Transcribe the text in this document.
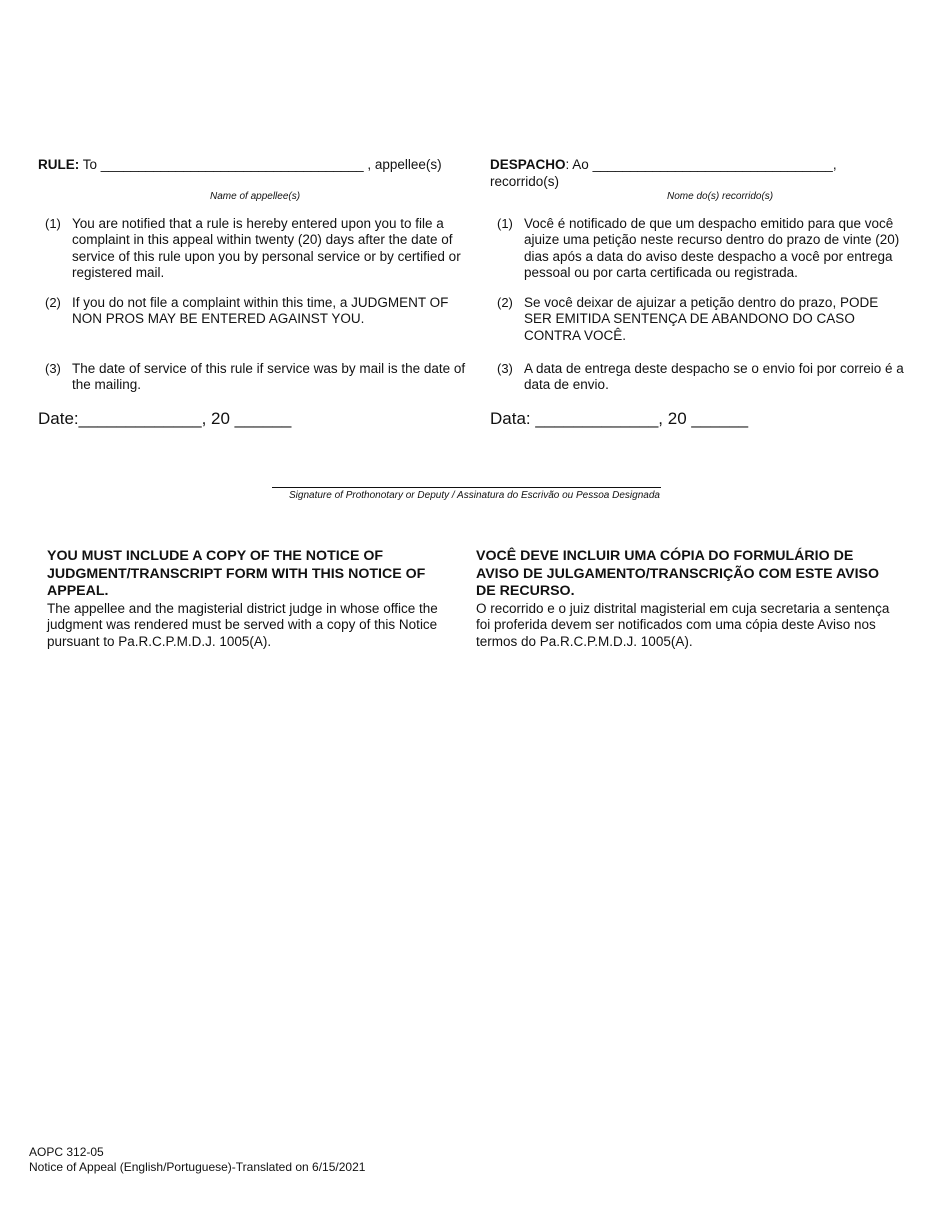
RULE: To ___________________________________ , appellee(s)
Name of appellee(s)
(1) You are notified that a rule is hereby entered upon you to file a complaint in this appeal within twenty (20) days after the date of service of this rule upon you by personal service or by certified or registered mail.
(2) If you do not file a complaint within this time, a JUDGMENT OF NON PROS MAY BE ENTERED AGAINST YOU.
(3) The date of service of this rule if service was by mail is the date of the mailing.
Date:_____________, 20 ______
DESPACHO: Ao ________________________________,
recorrido(s)
Nome do(s) recorrido(s)
(1) Você é notificado de que um despacho emitido para que você ajuize uma petição neste recurso dentro do prazo de vinte (20) dias após a data do aviso deste despacho a você por entrega pessoal ou por carta certificada ou registrada.
(2) Se você deixar de ajuizar a petição dentro do prazo, PODE SER EMITIDA SENTENÇA DE ABANDONO DO CASO CONTRA VOCÊ.
(3) A data de entrega deste despacho se o envio foi por correio é a data de envio.
Data: _____________, 20 ______
Signature of Prothonotary or Deputy / Assinatura do Escrivão ou Pessoa Designada
YOU MUST INCLUDE A COPY OF THE NOTICE OF JUDGMENT/TRANSCRIPT FORM WITH THIS NOTICE OF APPEAL.
The appellee and the magisterial district judge in whose office the judgment was rendered must be served with a copy of this Notice pursuant to Pa.R.C.P.M.D.J. 1005(A).
VOCÊ DEVE INCLUIR UMA CÓPIA DO FORMULÁRIO DE AVISO DE JULGAMENTO/TRANSCRIÇÃO COM ESTE AVISO DE RECURSO.
O recorrido e o juiz distrital magisterial em cuja secretaria a sentença foi proferida devem ser notificados com uma cópia deste Aviso nos termos do Pa.R.C.P.M.D.J. 1005(A).
AOPC 312-05
Notice of Appeal (English/Portuguese)-Translated on 6/15/2021
